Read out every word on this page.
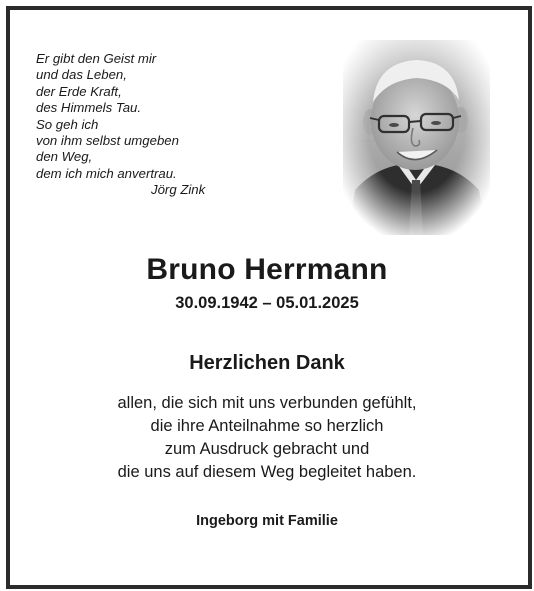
Er gibt den Geist mir
und das Leben,
der Erde Kraft,
des Himmels Tau.
So geh ich
von ihm selbst umgeben
den Weg,
dem ich mich anvertrau.
Jörg Zink
Bruno Herrmann
30.09.1942 – 05.01.2025
Herzlichen Dank
allen, die sich mit uns verbunden gefühlt,
die ihre Anteilnahme so herzlich
zum Ausdruck gebracht und
die uns auf diesem Weg begleitet haben.
Ingeborg mit Familie
